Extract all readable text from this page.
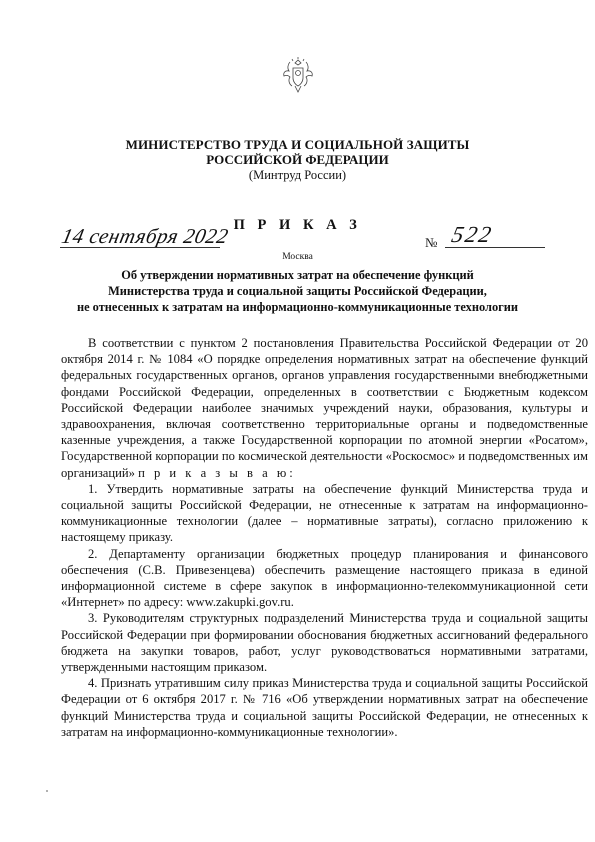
МИНИСТЕРСТВО ТРУДА И СОЦИАЛЬНОЙ ЗАЩИТЫ
РОССИЙСКОЙ ФЕДЕРАЦИИ
(Минтруд России)
П Р И К А З
14 сентября 2022	№ 522
Москва
Об утверждении нормативных затрат на обеспечение функций
Министерства труда и социальной защиты Российской Федерации,
не отнесенных к затратам на информационно-коммуникационные технологии

В соответствии с пунктом 2 постановления Правительства Российской Федерации от 20 октября 2014 г. № 1084 «О порядке определения нормативных затрат на обеспечение функций федеральных государственных органов, органов управления государственными внебюджетными фондами Российской Федерации, определенных в соответствии с Бюджетным кодексом Российской Федерации наиболее значимых учреждений науки, образования, культуры и здравоохранения, включая соответственно территориальные органы и подведомственные казенные учреждения, а также Государственной корпорации по атомной энергии «Росатом», Государственной корпорации по космической деятельности «Роскосмос» и подведомственных им организаций» п р и к а з ы в а ю:

1. Утвердить нормативные затраты на обеспечение функций Министерства труда и социальной защиты Российской Федерации, не отнесенные к затратам на информационно-коммуникационные технологии (далее – нормативные затраты), согласно приложению к настоящему приказу.

2. Департаменту организации бюджетных процедур планирования и финансового обеспечения (С.В. Привезенцева) обеспечить размещение настоящего приказа в единой информационной системе в сфере закупок в информационно-телекоммуникационной сети «Интернет» по адресу: www.zakupki.gov.ru.

3. Руководителям структурных подразделений Министерства труда и социальной защиты Российской Федерации при формировании обоснования бюджетных ассигнований федерального бюджета на закупки товаров, работ, услуг руководствоваться нормативными затратами, утвержденными настоящим приказом.

4. Признать утратившим силу приказ Министерства труда и социальной защиты Российской Федерации от 6 октября 2017 г. № 716 «Об утверждении нормативных затрат на обеспечение функций Министерства труда и социальной защиты Российской Федерации, не отнесенных к затратам на информационно-коммуникационные технологии».
